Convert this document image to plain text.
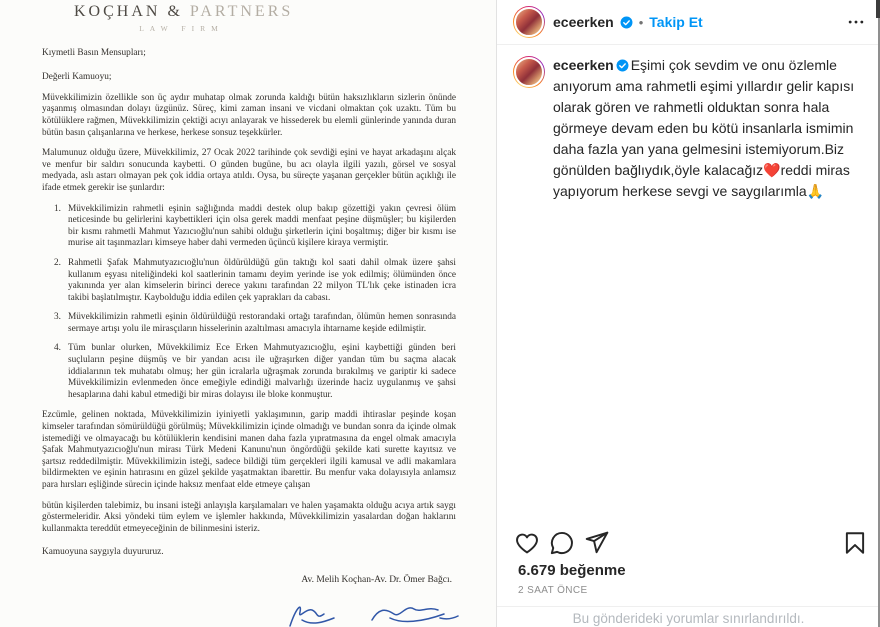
KOÇHAN & PARTNERS
LAW FIRM
Kıymetli Basın Mensupları;
Değerli Kamuoyu;
Müvekkilimizin özellikle son üç aydır muhatap olmak zorunda kaldığı bütün haksızlıkların sizlerin önünde yaşanmış olmasından dolayı üzgünüz. Süreç, kimi zaman insani ve vicdani olmaktan çok uzaktı. Tüm bu kötülüklere rağmen, Müvekkilimizin çektiği acıyı anlayarak ve hissederek bu elemli günlerinde yanında duran bütün basın çalışanlarına ve herkese, herkese sonsuz teşekkürler.
Malumunuz olduğu üzere, Müvekkilimiz, 27 Ocak 2022 tarihinde çok sevdiği eşini ve hayat arkadaşını alçak ve menfur bir saldırı sonucunda kaybetti. O günden bugüne, bu acı olayla ilgili yazılı, görsel ve sosyal medyada, aslı astarı olmayan pek çok iddia ortaya atıldı. Oysa, bu süreçte yaşanan gerçekler bütün açıklığı ile ifade etmek gerekir ise şunlardır:
1. Müvekkilimizin rahmetli eşinin sağlığında maddi destek olup bakıp gözettiği yakın çevresi ölüm neticesinde bu gelirlerini kaybettikleri için olsa gerek maddi menfaat peşine düşmüşler; bu kişilerden bir kısmı rahmetli Mahmut Yazıcıoğlu'nun sahibi olduğu şirketlerin içini boşaltmış; diğer bir kısmı ise murise ait taşınmazları kimseye haber dahi vermeden üçüncü kişilere kiraya vermiştir.
2. Rahmetli Şafak Mahmutyazıcıoğlu'nun öldürüldüğü gün taktığı kol saati dahil olmak üzere şahsi kullanım eşyası niteliğindeki kol saatlerinin tamamı deyim yerinde ise yok edilmiş; ölümünden önce yakınında yer alan kimselerin birinci derece yakını tarafından 22 milyon TL'lık çeke istinaden icra takibi başlatılmıştır. Kaybolduğu iddia edilen çek yaprakları da cabası.
3. Müvekkilimizin rahmetli eşinin öldürüldüğü restorandaki ortağı tarafından, ölümün hemen sonrasında sermaye artışı yolu ile mirasçıların hisselerinin azaltılması amacıyla ihtarname keşide edilmiştir.
4. Tüm bunlar olurken, Müvekkilimiz Ece Erken Mahmutyazıcıoğlu, eşini kaybettiği günden beri suçluların peşine düşmüş ve bir yandan acısı ile uğraşırken diğer yandan tüm bu saçma alacak iddialarının tek muhatabı olmuş; her gün icralarla uğraşmak zorunda bırakılmış ve gariptir ki sadece Müvekkilimizin evlenmeden önce emeğiyle edindiği malvarlığı üzerinde haciz uygulanmış ve şahsi hesaplarına dahi kabul etmediği bir miras dolayısı ile bloke konmuştur.
Ezcümle, gelinen noktada, Müvekkilimizin iyiniyetli yaklaşımının, garip maddi ihtiraslar peşinde koşan kimseler tarafından sömürüldüğü görülmüş; Müvekkilimizin içinde olmadığı ve bundan sonra da içinde olmak istemediği ve olmayacağı bu kötülüklerin kendisini manen daha fazla yıpratmasına da engel olmak amacıyla Şafak Mahmutyazıcıoğlu'nun mirası Türk Medeni Kanunu'nun öngördüğü şekilde kati surette kayıtsız ve şartsız reddedilmiştir. Müvekkilimizin isteği, sadece bildiği tüm gerçekleri ilgili kamusal ve adli makamlara bildirmekten ve eşinin hatırasını en güzel şekilde yaşatmaktan ibarettir. Bu menfur vaka dolayısıyla anlamsız para hırsları eşliğinde sürecin içinde haksız menfaat elde etmeye çalışan
bütün kişilerden talebimiz, bu insani isteği anlayışla karşılamaları ve halen yaşamakta olduğu acıya artık saygı göstermeleridir. Aksi yöndeki tüm eylem ve işlemler hakkında, Müvekkilimizin yasalardan doğan haklarını kullanmakta tereddüt etmeyeceğinin de bilinmesini isteriz.
Kamuoyuna saygıyla duyururuz.
Av. Melih Koçhan-Av. Dr. Ömer Bağcı.
eceerken • Takip Et
eceerken Eşimi çok sevdim ve onu özlemle anıyorum ama rahmetli eşimi yıllardır gelir kapısı olarak gören ve rahmetli olduktan sonra hala görmeye devam eden bu kötü insanlarla ismimin daha fazla yan yana gelmesini istemiyorum.Biz gönülden bağlıydık,öyle kalacağız❤️reddi miras yapıyorum herkese sevgi ve saygılarımla🙏
6.679 beğenme
2 SAAT ÖNCE
Bu gönderideki yorumlar sınırlandırıldı.
